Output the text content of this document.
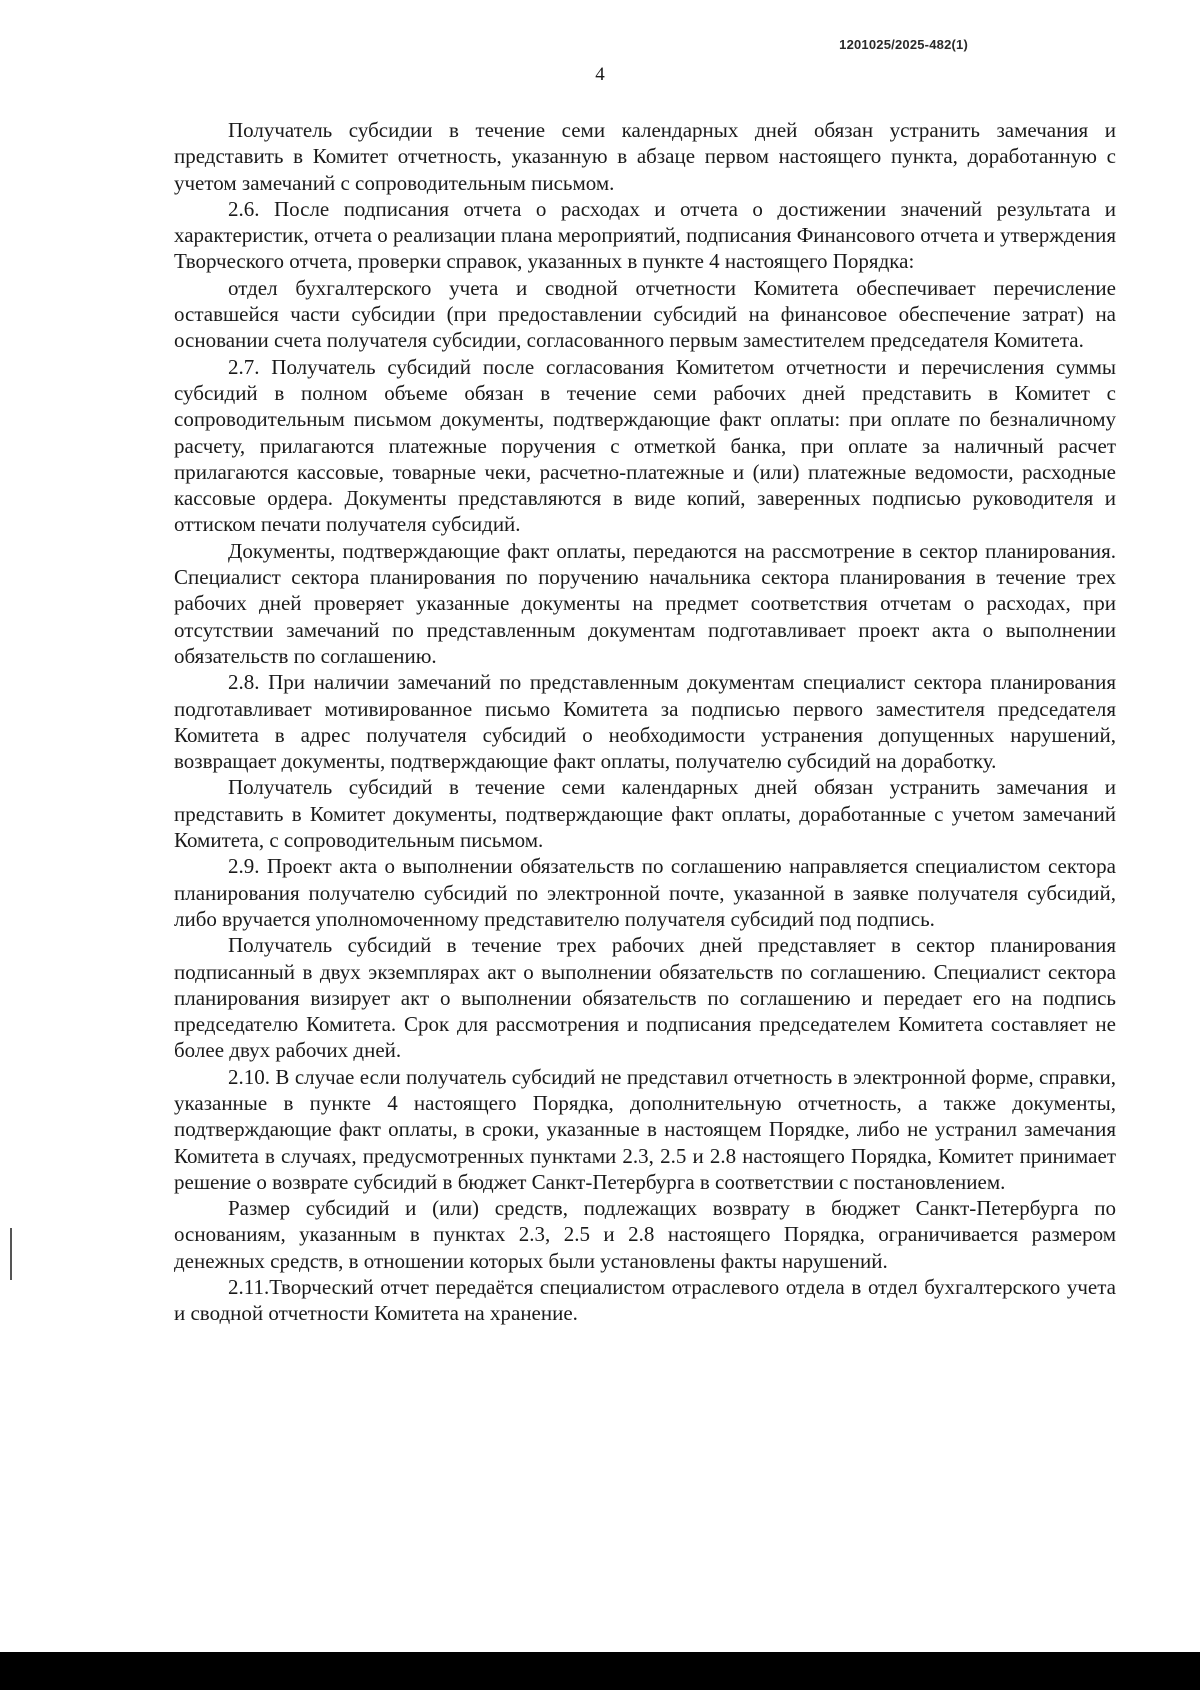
1201025/2025-482(1)
4

Получатель субсидии в течение семи календарных дней обязан устранить замечания и представить в Комитет отчетность, указанную в абзаце первом настоящего пункта, доработанную с учетом замечаний с сопроводительным письмом.

2.6. После подписания отчета о расходах и отчета о достижении значений результата и характеристик, отчета о реализации плана мероприятий, подписания Финансового отчета и утверждения Творческого отчета, проверки справок, указанных в пункте 4 настоящего Порядка:

отдел бухгалтерского учета и сводной отчетности Комитета обеспечивает перечисление оставшейся части субсидии (при предоставлении субсидий на финансовое обеспечение затрат) на основании счета получателя субсидии, согласованного первым заместителем председателя Комитета.

2.7. Получатель субсидий после согласования Комитетом отчетности и перечисления суммы субсидий в полном объеме обязан в течение семи рабочих дней представить в Комитет с сопроводительным письмом документы, подтверждающие факт оплаты: при оплате по безналичному расчету, прилагаются платежные поручения с отметкой банка, при оплате за наличный расчет прилагаются кассовые, товарные чеки, расчетно-платежные и (или) платежные ведомости, расходные кассовые ордера. Документы представляются в виде копий, заверенных подписью руководителя и оттиском печати получателя субсидий.

Документы, подтверждающие факт оплаты, передаются на рассмотрение в сектор планирования. Специалист сектора планирования по поручению начальника сектора планирования в течение трех рабочих дней проверяет указанные документы на предмет соответствия отчетам о расходах, при отсутствии замечаний по представленным документам подготавливает проект акта о выполнении обязательств по соглашению.

2.8. При наличии замечаний по представленным документам специалист сектора планирования подготавливает мотивированное письмо Комитета за подписью первого заместителя председателя Комитета в адрес получателя субсидий о необходимости устранения допущенных нарушений, возвращает документы, подтверждающие факт оплаты, получателю субсидий на доработку.

Получатель субсидий в течение семи календарных дней обязан устранить замечания и представить в Комитет документы, подтверждающие факт оплаты, доработанные с учетом замечаний Комитета, с сопроводительным письмом.

2.9. Проект акта о выполнении обязательств по соглашению направляется специалистом сектора планирования получателю субсидий по электронной почте, указанной в заявке получателя субсидий, либо вручается уполномоченному представителю получателя субсидий под подпись.

Получатель субсидий в течение трех рабочих дней представляет в сектор планирования подписанный в двух экземплярах акт о выполнении обязательств по соглашению. Специалист сектора планирования визирует акт о выполнении обязательств по соглашению и передает его на подпись председателю Комитета. Срок для рассмотрения и подписания председателем Комитета составляет не более двух рабочих дней.

2.10. В случае если получатель субсидий не представил отчетность в электронной форме, справки, указанные в пункте 4 настоящего Порядка, дополнительную отчетность, а также документы, подтверждающие факт оплаты, в сроки, указанные в настоящем Порядке, либо не устранил замечания Комитета в случаях, предусмотренных пунктами 2.3, 2.5 и 2.8 настоящего Порядка, Комитет принимает решение о возврате субсидий в бюджет Санкт-Петербурга в соответствии с постановлением.

Размер субсидий и (или) средств, подлежащих возврату в бюджет Санкт-Петербурга по основаниям, указанным в пунктах 2.3, 2.5 и 2.8 настоящего Порядка, ограничивается размером денежных средств, в отношении которых были установлены факты нарушений.

2.11.Творческий отчет передаётся специалистом отраслевого отдела в отдел бухгалтерского учета и сводной отчетности Комитета на хранение.
